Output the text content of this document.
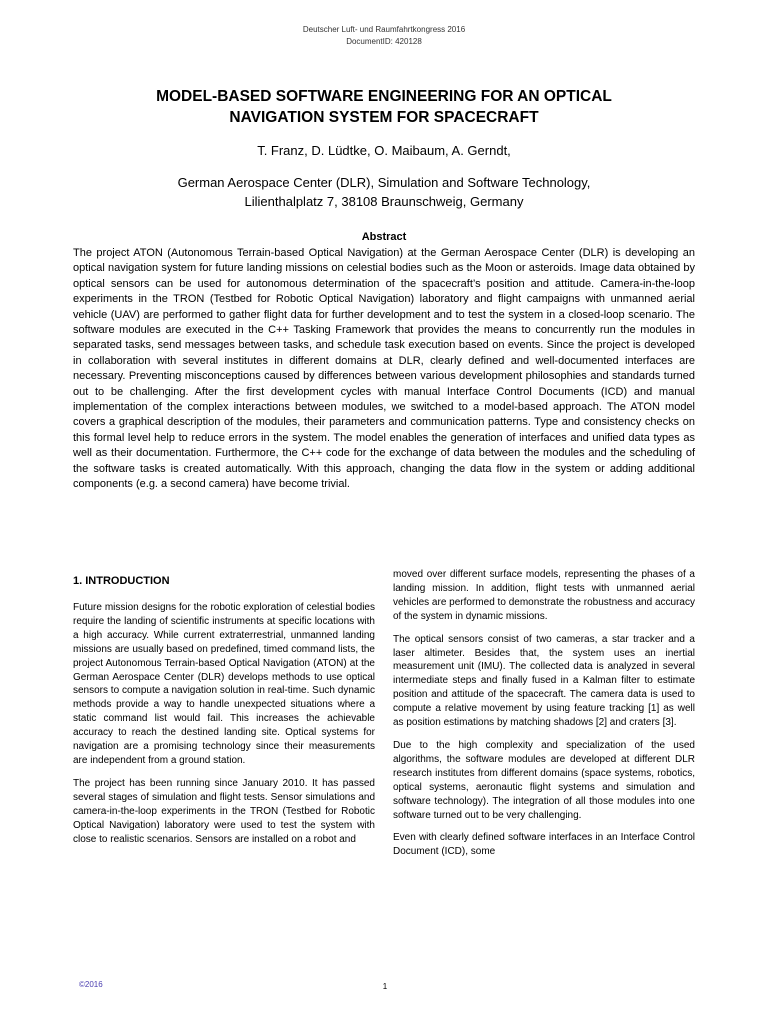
Deutscher Luft- und Raumfahrtkongress 2016
DocumentID: 420128
MODEL-BASED SOFTWARE ENGINEERING FOR AN OPTICAL
NAVIGATION SYSTEM FOR SPACECRAFT
T. Franz, D. Lüdtke, O. Maibaum, A. Gerndt,
German Aerospace Center (DLR), Simulation and Software Technology,
Lilienthalplatz 7, 38108 Braunschweig, Germany
Abstract

The project ATON (Autonomous Terrain-based Optical Navigation) at the German Aerospace Center (DLR) is developing an optical navigation system for future landing missions on celestial bodies such as the Moon or asteroids. Image data obtained by optical sensors can be used for autonomous determination of the spacecraft’s position and attitude. Camera-in-the-loop experiments in the TRON (Testbed for Robotic Optical Navigation) laboratory and flight campaigns with unmanned aerial vehicle (UAV) are performed to gather flight data for further development and to test the system in a closed-loop scenario. The software modules are executed in the C++ Tasking Framework that provides the means to concurrently run the modules in separated tasks, send messages between tasks, and schedule task execution based on events. Since the project is developed in collaboration with several institutes in different domains at DLR, clearly defined and well-documented interfaces are necessary. Preventing misconceptions caused by differences between various development philosophies and standards turned out to be challenging. After the first development cycles with manual Interface Control Documents (ICD) and manual implementation of the complex interactions between modules, we switched to a model-based approach. The ATON model covers a graphical description of the modules, their parameters and communication patterns. Type and consistency checks on this formal level help to reduce errors in the system. The model enables the generation of interfaces and unified data types as well as their documentation. Furthermore, the C++ code for the exchange of data between the modules and the scheduling of the software tasks is created automatically. With this approach, changing the data flow in the system or adding additional components (e.g. a second camera) have become trivial.

1. INTRODUCTION

Future mission designs for the robotic exploration of celestial bodies require the landing of scientific instruments at specific locations with a high accuracy. While current extraterrestrial, unmanned landing missions are usually based on predefined, timed command lists, the project Autonomous Terrain-based Optical Navigation (ATON) at the German Aerospace Center (DLR) develops methods to use optical sensors to compute a navigation solution in real-time. Such dynamic methods provide a way to handle unexpected situations where a static command list would fail. This increases the achievable accuracy to reach the destined landing site. Optical systems for navigation are a promising technology since their measurements are independent from a ground station.

The project has been running since January 2010. It has passed several stages of simulation and flight tests. Sensor simulations and camera-in-the-loop experiments in the TRON (Testbed for Robotic Optical Navigation) laboratory were used to test the system with close to realistic scenarios. Sensors are installed on a robot and

moved over different surface models, representing the phases of a landing mission. In addition, flight tests with unmanned aerial vehicles are performed to demonstrate the robustness and accuracy of the system in dynamic missions.

The optical sensors consist of two cameras, a star tracker and a laser altimeter. Besides that, the system uses an inertial measurement unit (IMU). The collected data is analyzed in several intermediate steps and finally fused in a Kalman filter to estimate position and attitude of the spacecraft. The camera data is used to compute a relative movement by using feature tracking [1] as well as position estimations by matching shadows [2] and craters [3].

Due to the high complexity and specialization of the used algorithms, the software modules are developed at different DLR research institutes from different domains (space systems, robotics, optical systems, aeronautic flight systems and simulation and software technology). The integration of all those modules into one software turned out to be very challenging.

Even with clearly defined software interfaces in an Interface Control Document (ICD), some

©2016	1
